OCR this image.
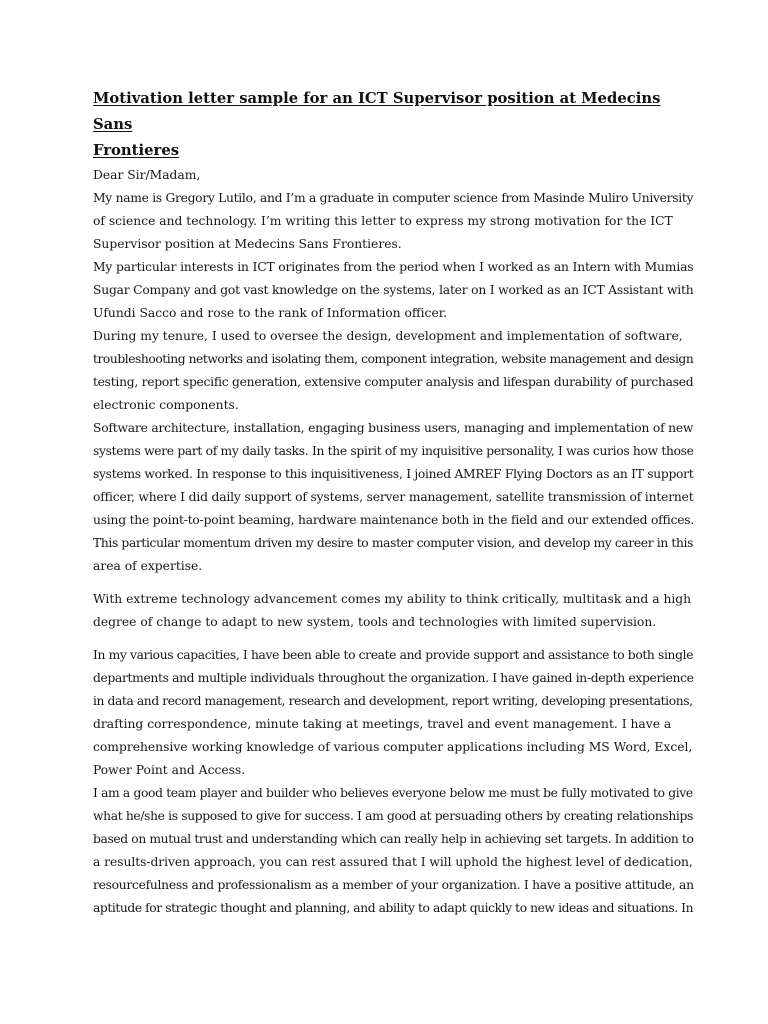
Motivation letter sample for an ICT Supervisor position at Medecins Sans
Frontieres

Dear Sir/Madam,

My name is Gregory Lutilo, and I’m a graduate in computer science from Masinde Muliro University

of science and technology. I’m writing this letter to express my strong motivation for the ICT

Supervisor position at Medecins Sans Frontieres.

My particular interests in ICT originates from the period when I worked as an Intern with Mumias

Sugar Company and got vast knowledge on the systems, later on I worked as an ICT Assistant with

Ufundi Sacco and rose to the rank of Information officer.

During my tenure, I used to oversee the design, development and implementation of software,

troubleshooting networks and isolating them, component integration, website management and design

testing, report specific generation, extensive computer analysis and lifespan durability of purchased

electronic components.

Software architecture, installation, engaging business users, managing and implementation of new

systems were part of my daily tasks. In the spirit of my inquisitive personality, I was curios how those

systems worked. In response to this inquisitiveness, I joined AMREF Flying Doctors as an IT support

officer, where I did daily support of systems, server management, satellite transmission of internet

using the point-to-point beaming, hardware maintenance both in the field and our extended offices.

This particular momentum driven my desire to master computer vision, and develop my career in this

area of expertise.

With extreme technology advancement comes my ability to think critically, multitask and a high

degree of change to adapt to new system, tools and technologies with limited supervision.

In my various capacities, I have been able to create and provide support and assistance to both single

departments and multiple individuals throughout the organization. I have gained in-depth experience

in data and record management, research and development, report writing, developing presentations,

drafting correspondence, minute taking at meetings, travel and event management. I have a

comprehensive working knowledge of various computer applications including MS Word, Excel,

Power Point and Access.

I am a good team player and builder who believes everyone below me must be fully motivated to give

what he/she is supposed to give for success. I am good at persuading others by creating relationships

based on mutual trust and understanding which can really help in achieving set targets. In addition to

a results-driven approach, you can rest assured that I will uphold the highest level of dedication,

resourcefulness and professionalism as a member of your organization. I have a positive attitude, an

aptitude for strategic thought and planning, and ability to adapt quickly to new ideas and situations. In
